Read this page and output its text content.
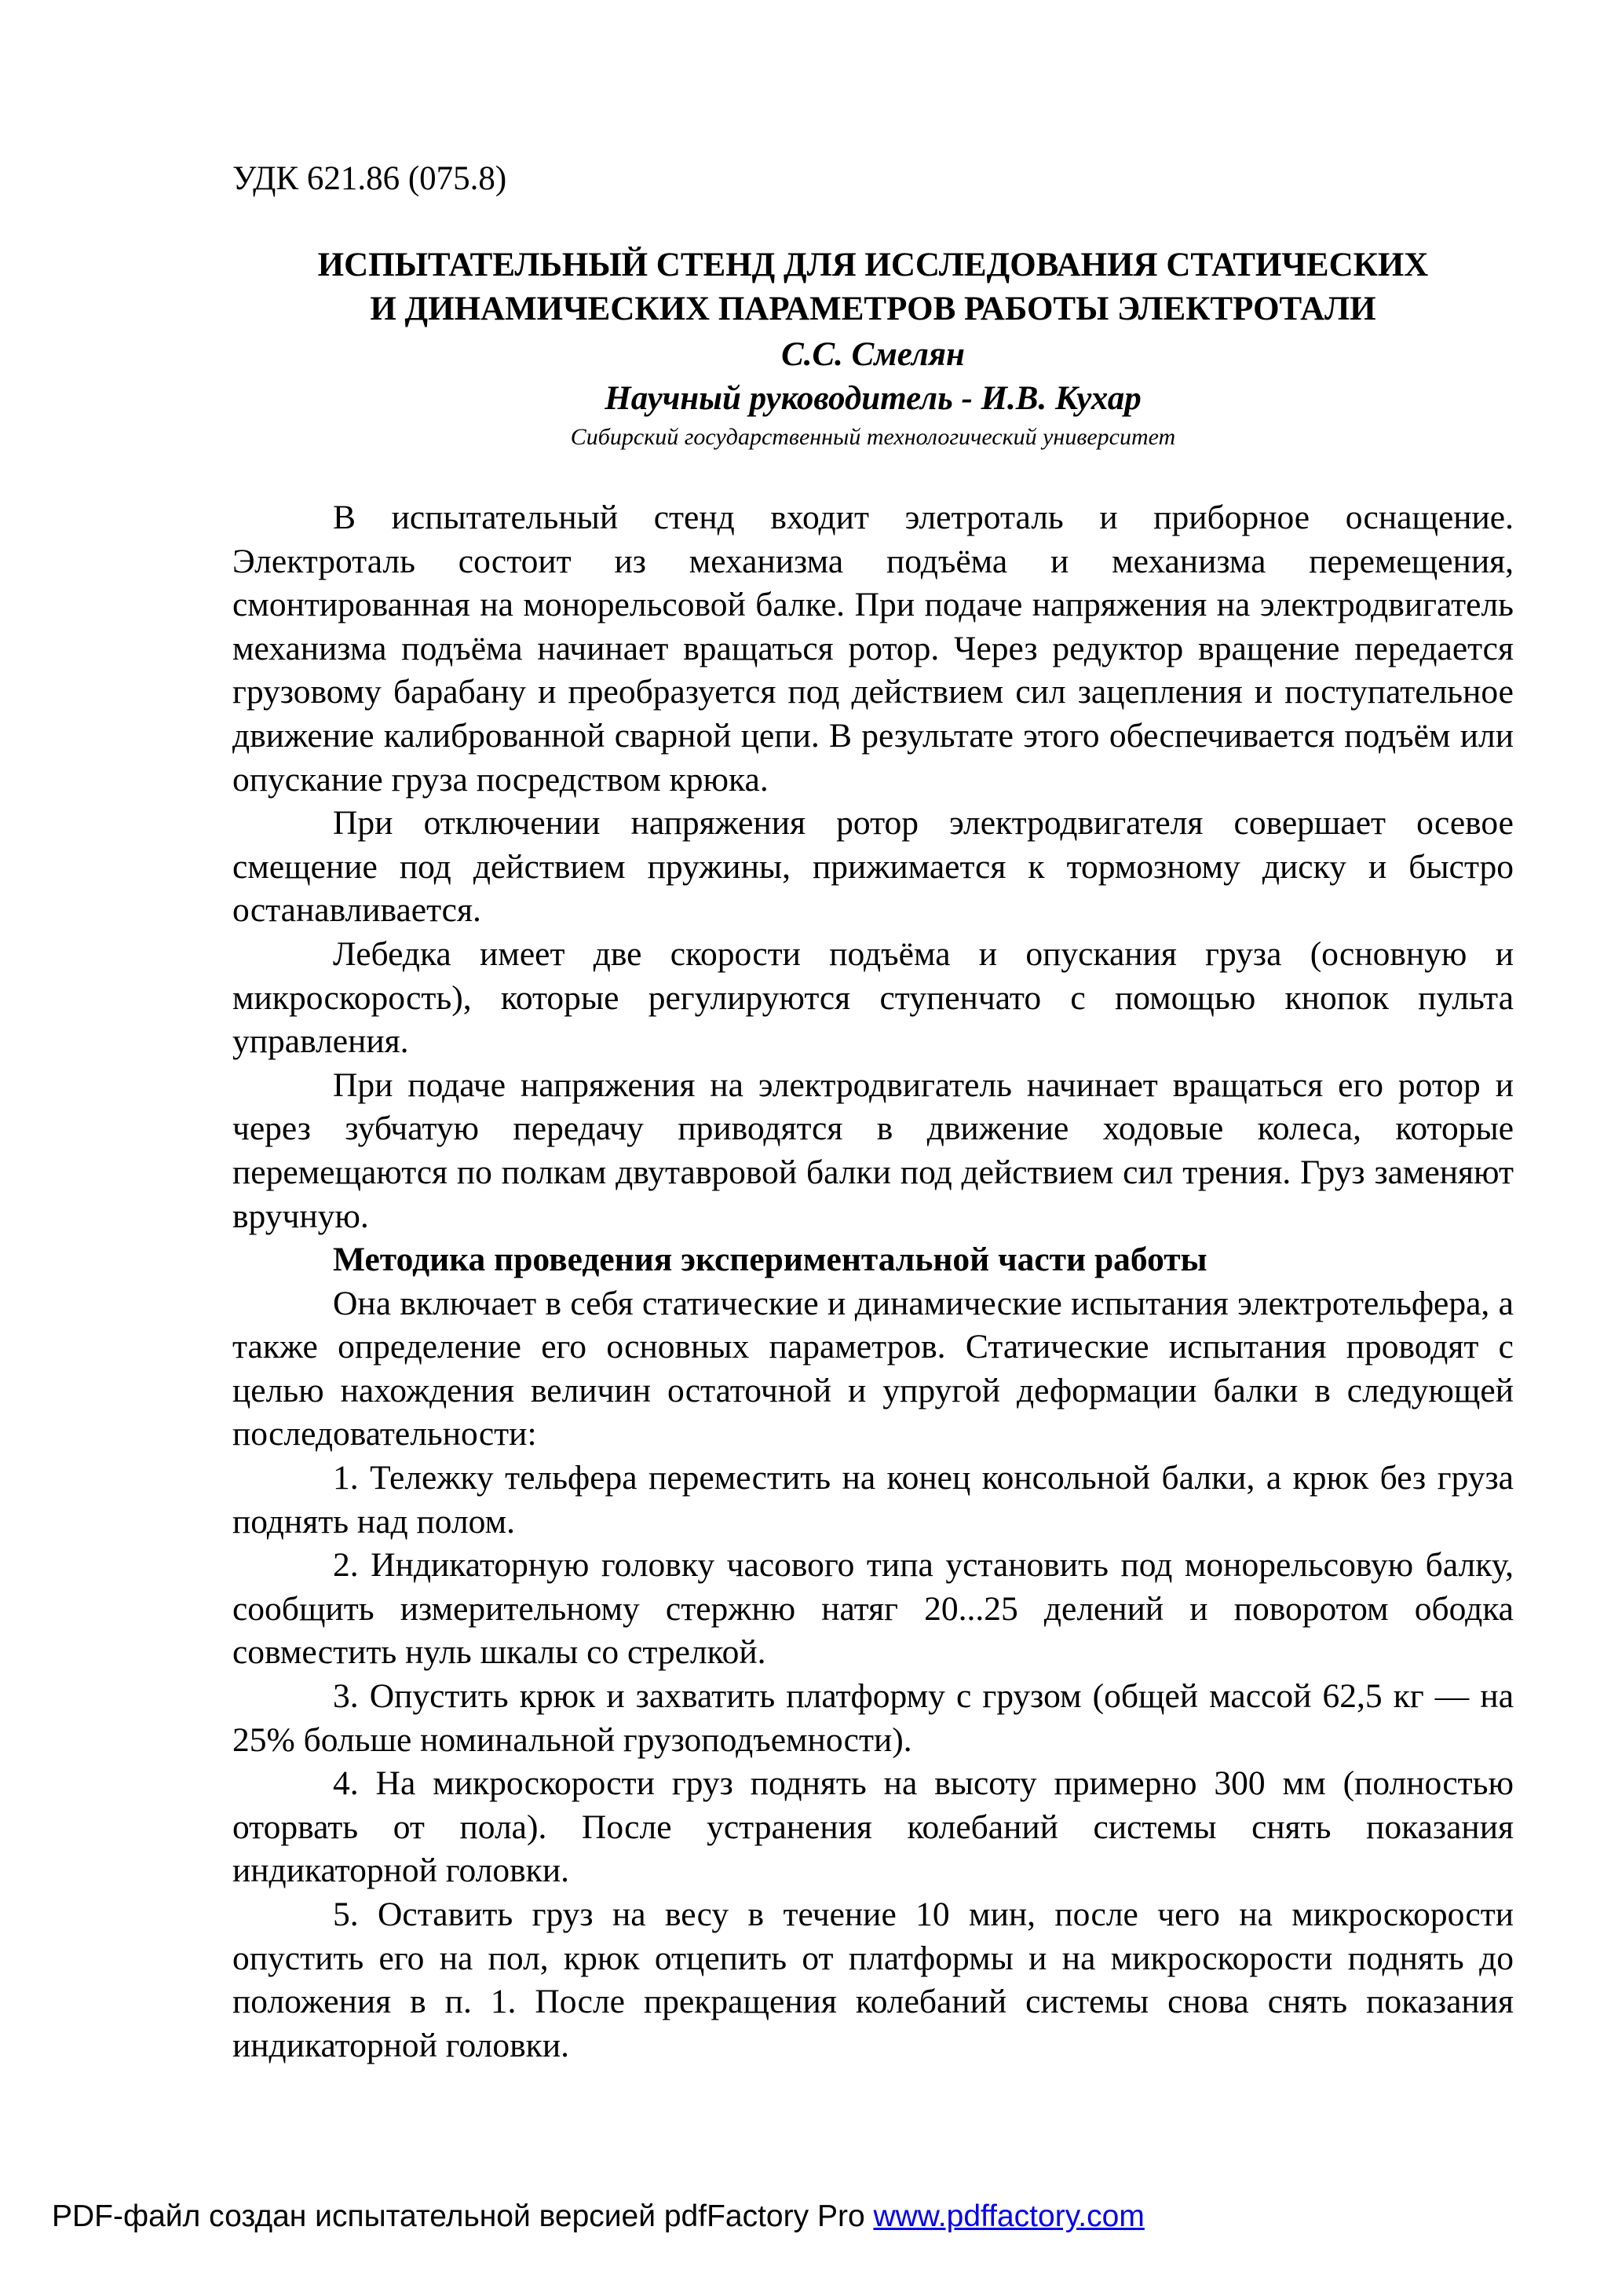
УДК 621.86 (075.8)
ИСПЫТАТЕЛЬНЫЙ СТЕНД ДЛЯ ИССЛЕДОВАНИЯ СТАТИЧЕСКИХ
И ДИНАМИЧЕСКИХ ПАРАМЕТРОВ РАБОТЫ ЭЛЕКТРОТАЛИ
С.С. Смелян
Научный руководитель - И.В. Кухар
Сибирский государственный технологический университет

В испытательный стенд входит элетроталь и приборное оснащение. Электроталь состоит из механизма подъёма и механизма перемещения, смонтированная на монорельсовой балке. При подаче напряжения на электродвигатель механизма подъёма начинает вращаться ротор. Через редуктор вращение передается грузовому барабану и преобразуется под действием сил зацепления и поступательное движение калиброванной сварной цепи. В результате этого обеспечивается подъём или опускание груза посредством крюка.

При отключении напряжения ротор электродвигателя совершает осевое смещение под действием пружины, прижимается к тормозному диску и быстро останавливается.

Лебедка имеет две скорости подъёма и опускания груза (основную и микроскорость), которые регулируются ступенчато с помощью кнопок пульта управления.

При подаче напряжения на электродвигатель начинает вращаться его ротор и через зубчатую передачу приводятся в движение ходовые колеса, которые перемещаются по полкам двутавровой балки под действием сил трения. Груз заменяют вручную.

Методика проведения экспериментальной части работы

Она включает в себя статические и динамические испытания электротельфера, а также определение его основных параметров. Статические испытания проводят с целью нахождения величин остаточной и упругой деформации балки в следующей последовательности:

1. Тележку тельфера переместить на конец консольной балки, а крюк без груза поднять над полом.

2. Индикаторную головку часового типа установить под монорельсовую балку, сообщить измерительному стержню натяг 20...25 делений и поворотом ободка совместить нуль шкалы со стрелкой.

3. Опустить крюк и захватить платформу с грузом (общей массой 62,5 кг — на 25% больше номинальной грузоподъемности).

4. На микроскорости груз поднять на высоту примерно 300 мм (полностью оторвать от пола). После устранения колебаний системы снять показания индикаторной головки.

5. Оставить груз на весу в течение 10 мин, после чего на микроскорости опустить его на пол, крюк отцепить от платформы и на микроскорости поднять до положения в п. 1. После прекращения колебаний системы снова снять показания индикаторной головки.

PDF-файл создан испытательной версией pdfFactory Pro www.pdffactory.com
